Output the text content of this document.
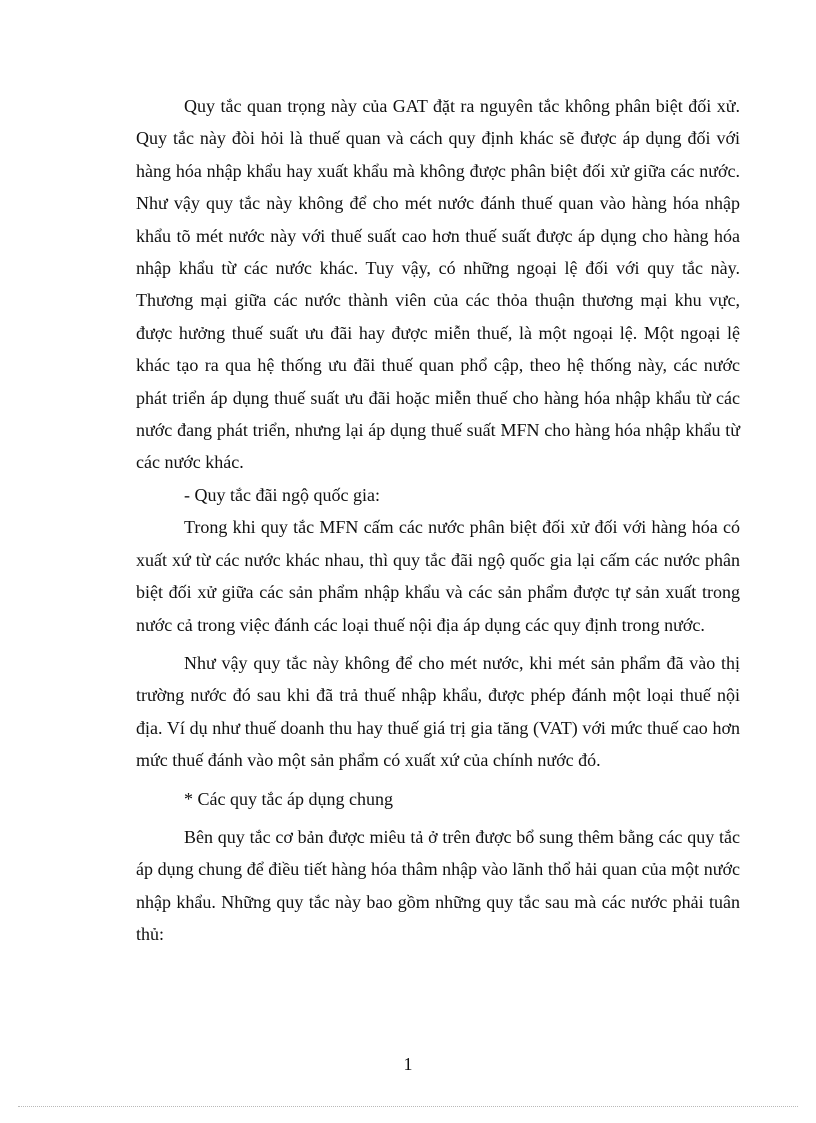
Quy tắc quan trọng này của GAT đặt ra nguyên tắc không phân biệt đối xử. Quy tắc này đòi hỏi là thuế quan và cách quy định khác sẽ được áp dụng đối với hàng hóa nhập khẩu hay xuất khẩu mà không được phân biệt đối xử giữa các nước. Như vậy quy tắc này không để cho mét nước đánh thuế quan vào hàng hóa nhập khẩu tõ mét nước này với thuế suất cao hơn thuế suất được áp dụng cho hàng hóa nhập khẩu từ các nước khác. Tuy vậy, có những ngoại lệ đối với quy tắc này. Thương mại giữa các nước thành viên của các thỏa thuận thương mại khu vực, được hưởng thuế suất ưu đãi hay được miễn thuế, là một ngoại lệ. Một ngoại lệ khác tạo ra qua hệ thống ưu đãi thuế quan phổ cập, theo hệ thống này, các nước phát triển áp dụng thuế suất ưu đãi hoặc miễn thuế cho hàng hóa nhập khẩu từ các nước đang phát triển, nhưng lại áp dụng thuế suất MFN cho hàng hóa nhập khẩu từ các nước khác.

- Quy tắc đãi ngộ quốc gia:

Trong khi quy tắc MFN cấm các nước phân biệt đối xử đối với hàng hóa có xuất xứ từ các nước khác nhau, thì quy tắc đãi ngộ quốc gia lại cấm các nước phân biệt đối xử giữa các sản phẩm nhập khẩu và các sản phẩm được tự sản xuất trong nước cả trong việc đánh các loại thuế nội địa áp dụng các quy định trong nước.

Như vậy quy tắc này không để cho mét nước, khi mét sản phẩm đã vào thị trường nước đó sau khi đã trả thuế nhập khẩu, được phép đánh một loại thuế nội địa. Ví dụ như thuế doanh thu hay thuế giá trị gia tăng (VAT) với mức thuế cao hơn mức thuế đánh vào một sản phẩm có xuất xứ của chính nước đó.

* Các quy tắc áp dụng chung

Bên quy tắc cơ bản được miêu tả ở trên được bổ sung thêm bằng các quy tắc áp dụng chung để điều tiết hàng hóa thâm nhập vào lãnh thổ hải quan của một nước nhập khẩu. Những quy tắc này bao gồm những quy tắc sau mà các nước phải tuân thủ:

1
